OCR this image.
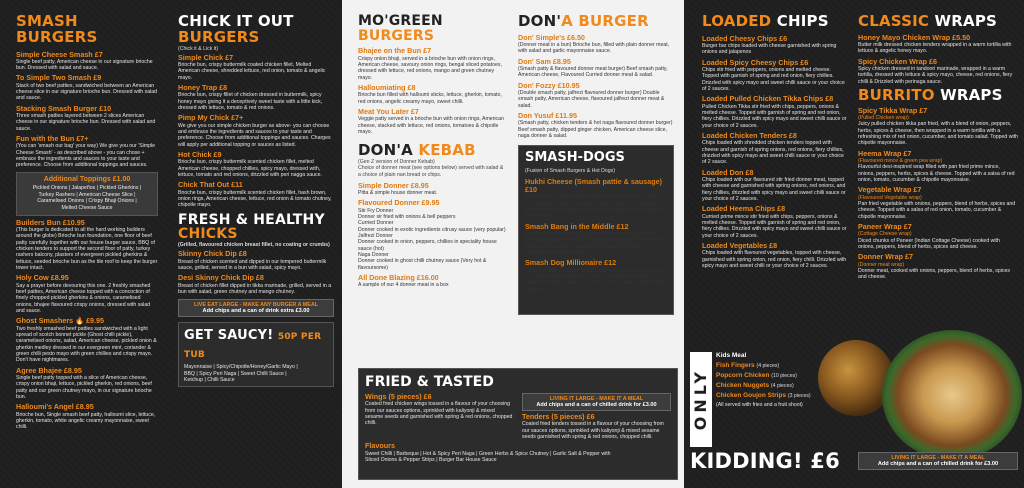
SMASH BURGERS
Simple Cheese Smash £7
Single beef patty, American cheese in our signature brioche bun. Dressed with salad and sauce.
To Simple Two Smash £9
Stack of two beef patties, sandwiched between an American cheese slice in our signature brioche bun. Dressed with salad and sauce.
Stacking Smash Burger £10
Three smash patties layered between 2 slices American cheese in our signature brioche bun. Dressed with salad and sauce.
Fun with the Bun £7+
(You can 'smash our bag' your way) We give you our 'Simple Cheese Smash' - as described above - you can chose + embrace the ingredients and sauces to your taste and preference. Choose from additional toppings and sauces.
Additional Toppings £1.00
Pickled Onions | Jalapeños | Pickled Gherkins |
Turkey Rashers | American Cheese Slice |
Caramelised Onions | Crispy Bhaji Onions |
Melted Cheese Sauce
Builders Bun £10.95
(This burger is dedicated to all the hard working builders around the globe) Brioche bun foundation, one floor of beef patty carefully together with our house burger sauce, BBQ of chicken tenders to support the second floor of patty, turkey rashers balcony, plasters of evergreen pickled gherkins & lettuce, seeded brioche bun as the tile roof to keep the burger tower intact.
Holy Cow £8.95
Say a prayer before devouring this one. 2 freshly smashed beef patties, American cheese topped with a concoction of finely chopped pickled gherkins & onions, caramelised onions, bhajee flavoured crispy onions, dressed with salad and sauce.
Ghost Smashers 🔥 £9.95
Two freshly smashed beef patties sandwiched with a light spread of scotch bonnet pickle (Ghost chilli pickle), caramelised onions, salad, American cheese, pickled onion & gherkin medley dressed in our evergreen mint, coriander & green chilli pesto mayo with green chillies and crispy mayo. Don't have nightmares.
Agree Bhajee £8.95
Single beef patty topped with a slice of American cheese, crispy onion bhaji, lettuce, pickled gherkin, red onions, beef patty and our green chutney mayo, in our signature brioche bun.
Halloumi's Angel £8.95
Brioche bun, Single smash beef patty, halloumi slice, lettuce, gherkin, tomato, white angelic creamy mayonnaise, sweet chilli.
CHICK IT OUT
BURGERS
(Chick it & Lick it)
Simple Chick £7
Brioche bun, crispy buttermilk coated chicken fillet, Melted American cheese, shredded lettuce, red onion, tomato & angelic mayo.
Honey Trap £8
Brioche bun, crispy fillet of chicken dressed in buttermilk, spicy honey mayo giving it a deceptively sweet taste with a little kick, dressed with lettuce, tomato & red onions.
Pimp My Chick £7+
We give you our simple chicken burger as above- you can choose and embrace the ingredients and sauces to your taste and preference. Choose from additional toppings and sauces. Charges will apply per additional topping or sauces as listed.
Hot Chick £9
Brioche bun, crispy buttermilk scented chicken fillet, melted American cheese, chopped chillies, spicy mayo, dressed with, lettuce, tomato and red onions, drizzled with peri nagga sauce.
Chick That Out £11
Brioche bun, crispy buttermilk scented chicken fillet, hash brown, onion rings, American cheese, lettuce, red onion & tomato chutney, chipotle mayo.
FRESH & HEALTHY
CHICKS
(Grilled, flavoured chicken breast fillet, no coating or crumbs)
Skinny Chick Dip £8
Breast of chicken scented and dipped in our tempered buttermilk sauce, grilled, served in a bun with salad, spicy mayo.
Desi Skinny Chick Dip £8
Breast of chicken fillet dipped in tikka marinade, grilled, served in a bun with salad, green chutney and mango chutney.
LIVE EAT LARGE - MAKE ANY BURGER A MEAL
Add chips and a can of drink extra £3.00
GET SAUCY! 50P PER TUB
Mayonnaise | Spicy/Chipotle/Honey/Garlic Mayo |
BBQ | Spicy Peri Naga | Sweet Chilli Sauce |
Ketchup | Chilli Sauce
MO'GREEN BURGERS
Bhajee on the Bun £7
Crispy onion bhaji, served in a brioche bun with onion rings, American cheese, savoury onion rings, bengal sliced potatoes, dressed with lettuce, red onions, mango and green chutney mayo.
Halloumiating £8
Brioche bun filled with halloumi sticks, lettuce, gherkin, tomato, red onions, angelic creamy mayo, sweet chilli.
Meat You Later £7
Veggie patty served in a brioche bun with onion rings, American cheese, stacked with lettuce, red onions, tomatoes & chipotle mayo.
DON'A KEBAB
(Gen Z version of Donner Kebab)
Choice of donner meat (see options below) served with salad & a choice of plain nan bread or chips.
Simple Donner £8.95
Pitta & simple house donner meat.
Flavoured Donner £9.95
Stir Fry Donner
Donner sir fried with onions & bell peppers
Curried Donner
Donner cooked in exotic ingredients citrusy sauce (very popular)
Jalfrezi Donner
Donner cooked in onion, peppers, chillies in speciality house sauce (hot)
Naga Donner
Donner cooked in ghost chilli chutney sauce (Very hot & flavoursome)
All Done Blazing £16.00
A sample of our 4 donner meat in a box
DON'A BURGER
Don' Simple's £6.50
(Donner meat in a bun) Brioche bun, filled with plain donner meat, with salad and garlic mayonnaise sauce.
Don' Sam £8.95
(Smash patty & flavoured donner meat burger) Beef smash patty, American cheese, Flavoured Curried donner meat & salad.
Don' Fozzy £10.95
(Double smash patty, jalfrezi flavoured donner burger) Double smash patty, American cheese, flavoured jalfrezi donner meat & salad.
Don Yusuf £11.95
(Smash patty, chicken tenders & hot naga flavoured donner burger) Beef smash patty, dipped ginger chicken, American cheese slice, naga donner & salad.
SMASH-DOGS
(Fusion of Smash Burgers & Hot Dogs)
Hukhi Cheese (Smash pattie & sausage) £10
Brioche bun, Single smash patty, American cheese, topped with sausage bangers, mustard, fried onions, and ketchup. Beef smashed no dogs were smashed during the creation of this burger.
Smash Bang in the Middle £12
(Double smash patties & sausage) Brioche bun, smashed beef patty, American cheese, sausage bangers in the middle, topped with another smashed beef patty, fried onions, mustard & tomato ketchup.
Smash Dog Millionaire £12
(Smash pattie, sausage topped with chilli con carne) Brioche bun, beef patty, American cheese, sausage, fried onions, tomato ketchup, mustard, chilli con carne, topped with melted cheese.
FRIED & TASTED
Wings (5 pieces) £6
Coated fried chicken wings tossed in a flavour of your choosing from our sauces options, sprinkled with kaliyonji & mixed sesame seeds and garnished with spring & red onions, chopped chilli.
LIVING IT LARGE - MAKE IT A MEAL
Add chips and a can of chilled drink for £3.00
Tenders (5 pieces) £6
Coated fried tenders tossed in a flavour of your choosing from our sauces options, sprinkled with kaliyonji & mixed sesame seeds garnished with spring & red onions, chopped chilli.
Flavours
Sweet Chilli | Barbeque | Hot & Spicy Peri Naga | Green Herbs & Spice Chutney | Garlic Salt & Pepper with
Sliced Onions & Pepper Strips | Burger Bar House Sauce
LOADED CHIPS
Loaded Cheesy Chips £6
Burger bar chips loaded with cheese garnished with spring onions and jalapenos
Loaded Spicy Cheesy Chips £6
Chips stir fried with peppers, onions and melted cheese. Topped with garnish of spring and red onion, fiery chillies. Drizzled with spicy mayo and sweet chilli sauce or your choice of 2 sauces.
Loaded Pulled Chicken Tikka Chips £8
Pulled Chicken Tikka stir fried with chips, peppers, onions & melted cheese. Topped with garnish of spring and red onion, fiery chillies. Drizzled with spicy mayo and sweet chilli sauce or your choice of 2 sauces.
Loaded Chicken Tenders £8
Chips loaded with shredded chicken tenders topped with cheese and garnish of spring onions, red onions, fiery chillies, drizzled with spicy mayo and sweet chilli sauce or your choice of 2 sauce.
Loaded Don £8
Chips loaded with our flavoured stir fried donner meat, topped with cheese and garnished with spring onions, red onions, and fiery chillies, drizzled with spicy mayo and sweet chilli sauce or your choice of 2 sauces.
Loaded Heema Chips £8
Curried prime mince stir fried with chips, peppers, onions & melted cheese. Topped with garnish of spring and red onion, fiery chillies. Drizzled with spicy mayo and sweet chilli sauce or your choice of 2 sauces.
Loaded Vegetables £8
Chips loaded with flavoured vegetables, topped with cheese, garnished with spring onion, red onion, fiery chilli. Drizzled with spicy mayo and sweet chilli or your choice of 2 sauces.
ONLY
Kids Meal
Fish Fingers (4 pieces)
Popcorn Chicken (10 pieces)
Chicken Nuggets (4 pieces)
Chicken Goujon Strips (3 pieces)
(All served with fries and a fruit shoot)
KIDDING! £6
CLASSIC WRAPS
Honey Mayo Chicken Wrap £5.50
Butter milk dressed chicken tenders wrapped in a warm tortilla with lettuce & angelic honey mayo.
Spicy Chicken Wrap £6
Spicy chicken dressed in tandoori marinade, wrapped in a warm tortilla, dressed with lettuce & spicy mayo, cheese, red onions, fiery chilli & Drizzled with perinaga sauce.
BURRITO WRAPS
Spicy Tikka Wrap £7
(Pulled Chicken wrap)
Juicy pulled chicken tikka pan fried, with a blend of onion, peppers, herbs, spices & cheese, then wrapped in a warm tortilla with a refreshing mix of red onion, cucumber, and tomato salad. Topped with chipotle mayonnaise.
Heema Wrap £7
(Flavoured mince & green pea wrap)
Flavourful desi-inspired wrap filled with pan fried prime mince, onions, peppers, herbs, spices & cheese. Topped with a salsa of red onion, tomato, cucumber & chipotle mayonnaise.
Vegetable Wrap £7
(Flavoured Vegetable wrap)
Pan fried vegetable with onions, peppers, blend of herbs, spices and cheese. Topped with a salsa of red onion, tomato, cucumber & chipotle mayonnaise.
Paneer Wrap £7
(Cottage Cheese wrap)
Diced chunks of Paneer (Indian Cottage Cheese) cooked with onions, peppers, blend of herbs, spices and cheese.
Donner Wrap £7
(Donner meat wrap)
Donner meat, cooked with onions, peppers, blend of herbs, spices and cheese.
LIVING IT LARGE - MAKE IT A MEAL
Add chips and a can of chilled drink for £3.00
